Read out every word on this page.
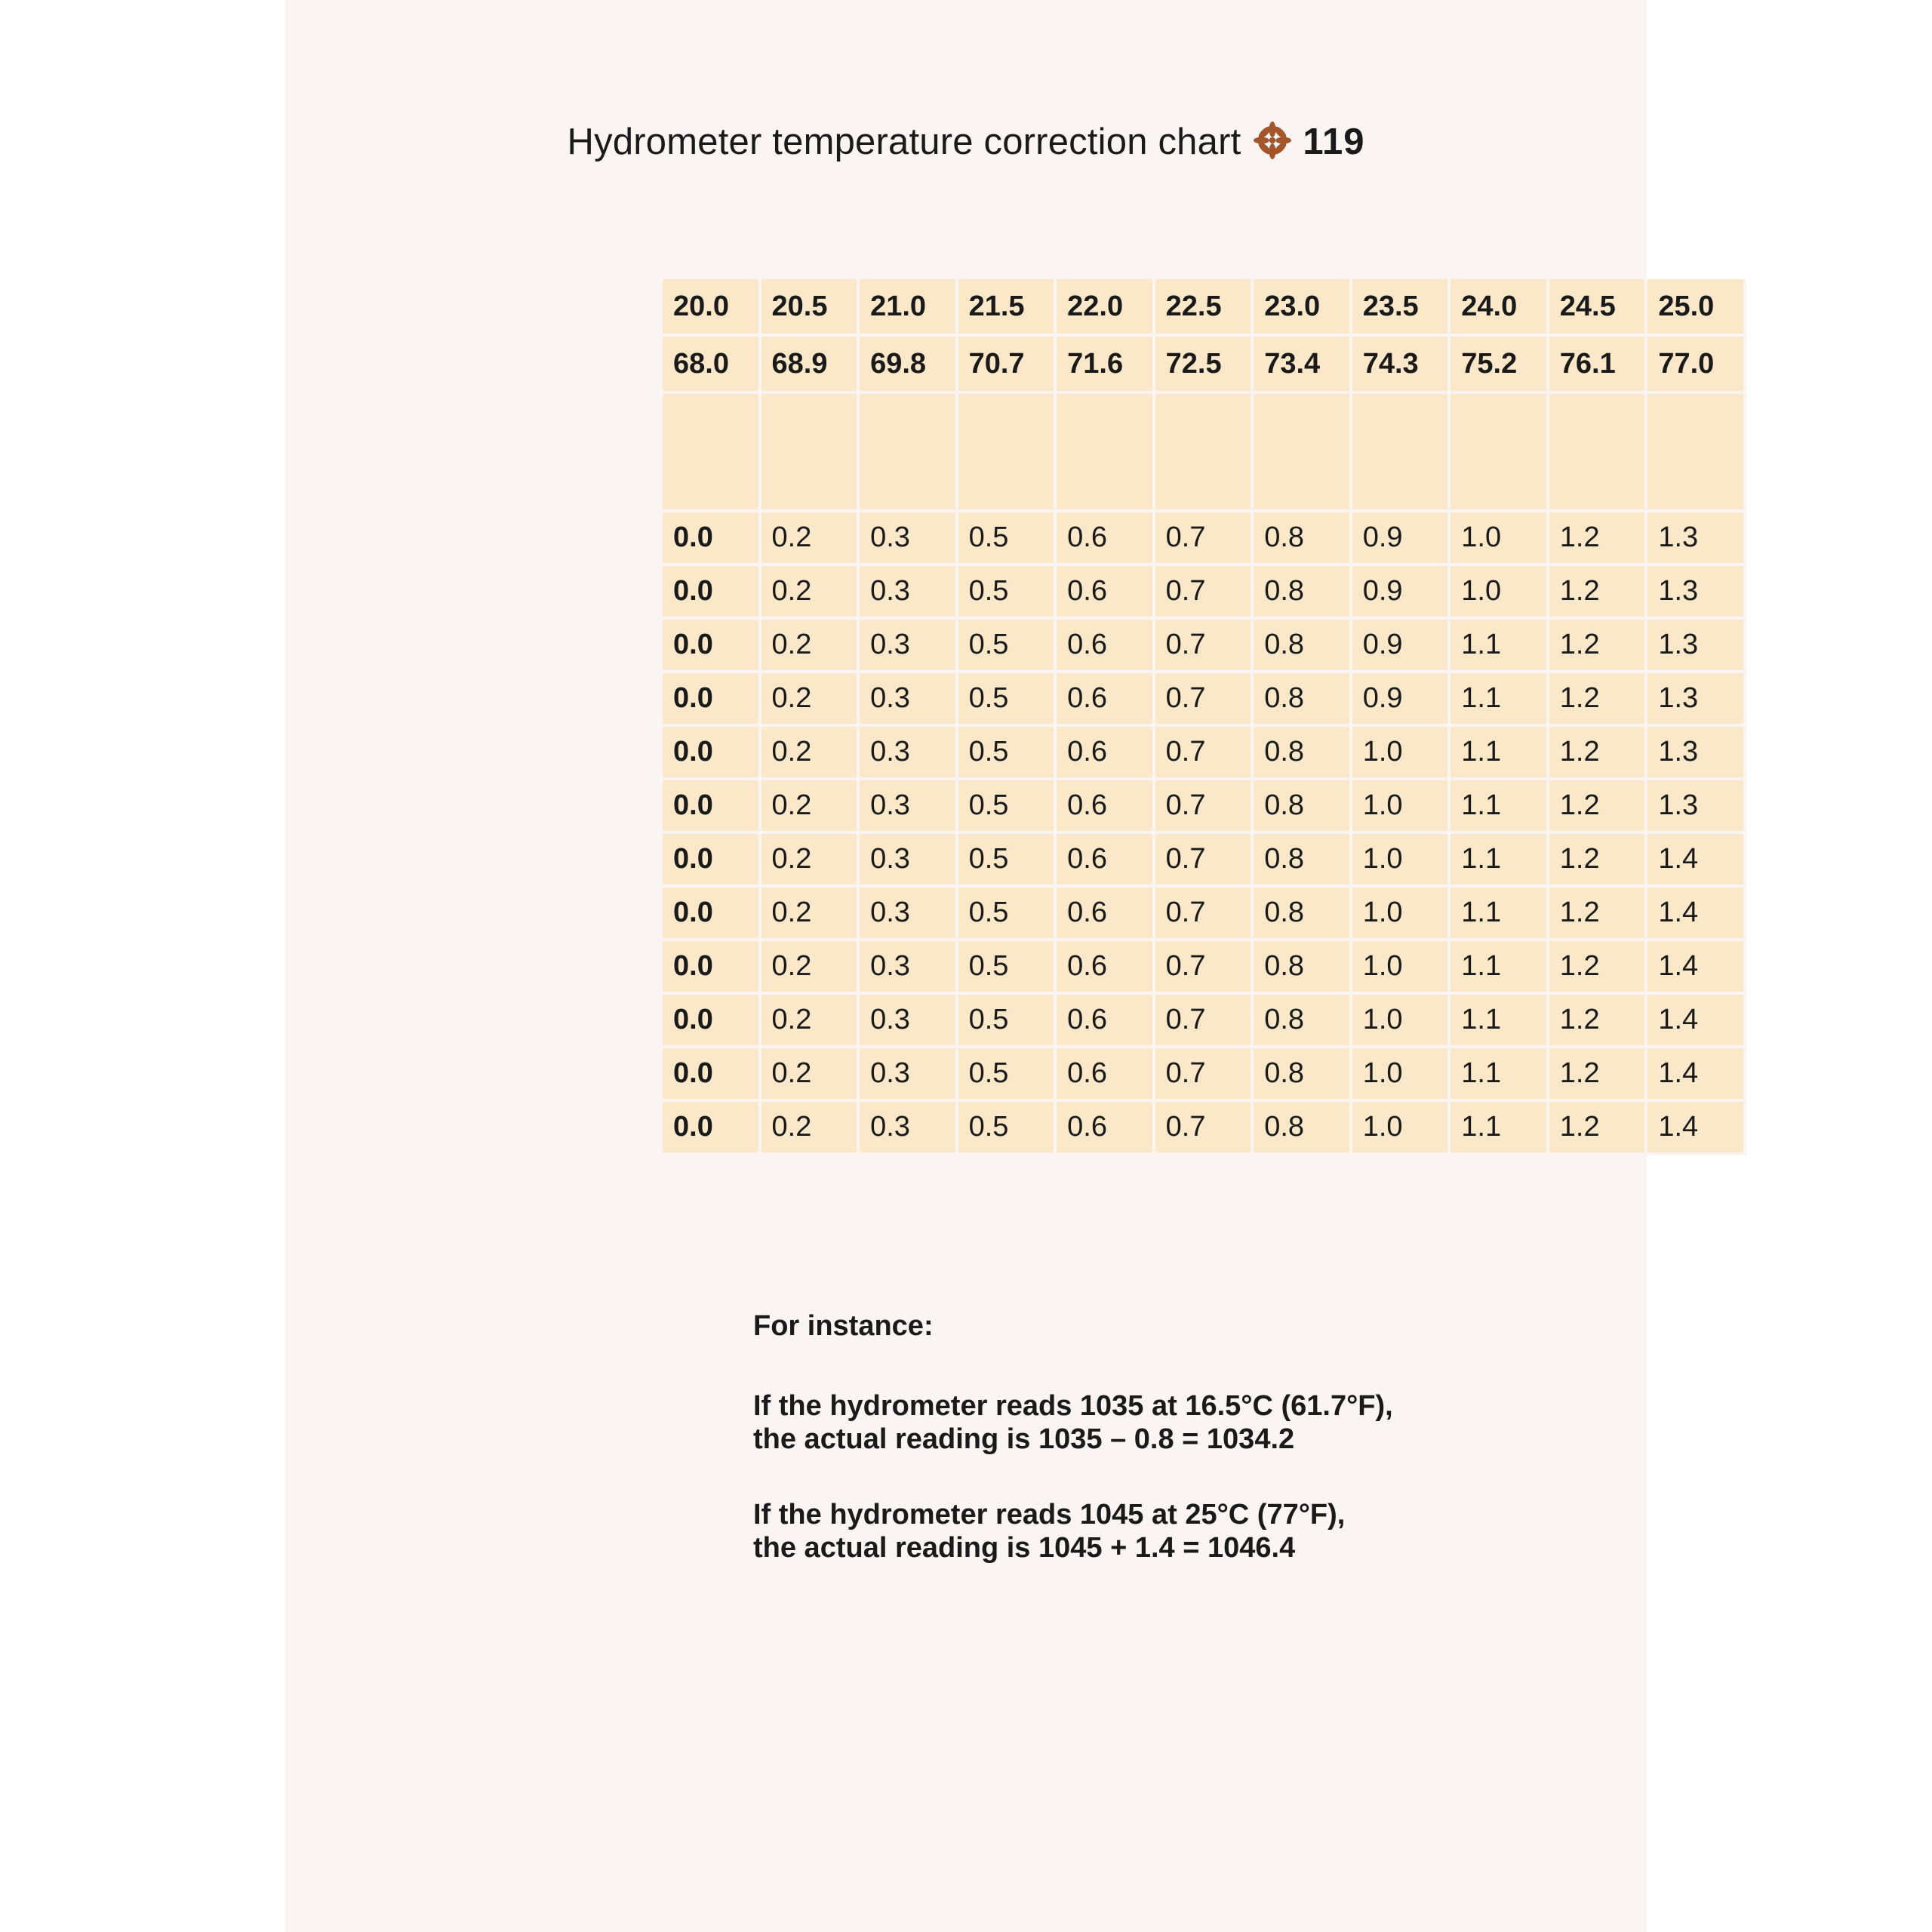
Hydrometer temperature correction chart 119
20.0	20.5	21.0	21.5	22.0	22.5	23.0	23.5	24.0	24.5	25.0
68.0	68.9	69.8	70.7	71.6	72.5	73.4	74.3	75.2	76.1	77.0

0.0	0.2	0.3	0.5	0.6	0.7	0.8	0.9	1.0	1.2	1.3
0.0	0.2	0.3	0.5	0.6	0.7	0.8	0.9	1.0	1.2	1.3
0.0	0.2	0.3	0.5	0.6	0.7	0.8	0.9	1.1	1.2	1.3
0.0	0.2	0.3	0.5	0.6	0.7	0.8	0.9	1.1	1.2	1.3
0.0	0.2	0.3	0.5	0.6	0.7	0.8	1.0	1.1	1.2	1.3
0.0	0.2	0.3	0.5	0.6	0.7	0.8	1.0	1.1	1.2	1.3
0.0	0.2	0.3	0.5	0.6	0.7	0.8	1.0	1.1	1.2	1.4
0.0	0.2	0.3	0.5	0.6	0.7	0.8	1.0	1.1	1.2	1.4
0.0	0.2	0.3	0.5	0.6	0.7	0.8	1.0	1.1	1.2	1.4
0.0	0.2	0.3	0.5	0.6	0.7	0.8	1.0	1.1	1.2	1.4
0.0	0.2	0.3	0.5	0.6	0.7	0.8	1.0	1.1	1.2	1.4
0.0	0.2	0.3	0.5	0.6	0.7	0.8	1.0	1.1	1.2	1.4

For instance:

If the hydrometer reads 1035 at 16.5°C (61.7°F),
the actual reading is 1035 – 0.8 = 1034.2

If the hydrometer reads 1045 at 25°C (77°F),
the actual reading is 1045 + 1.4 = 1046.4
